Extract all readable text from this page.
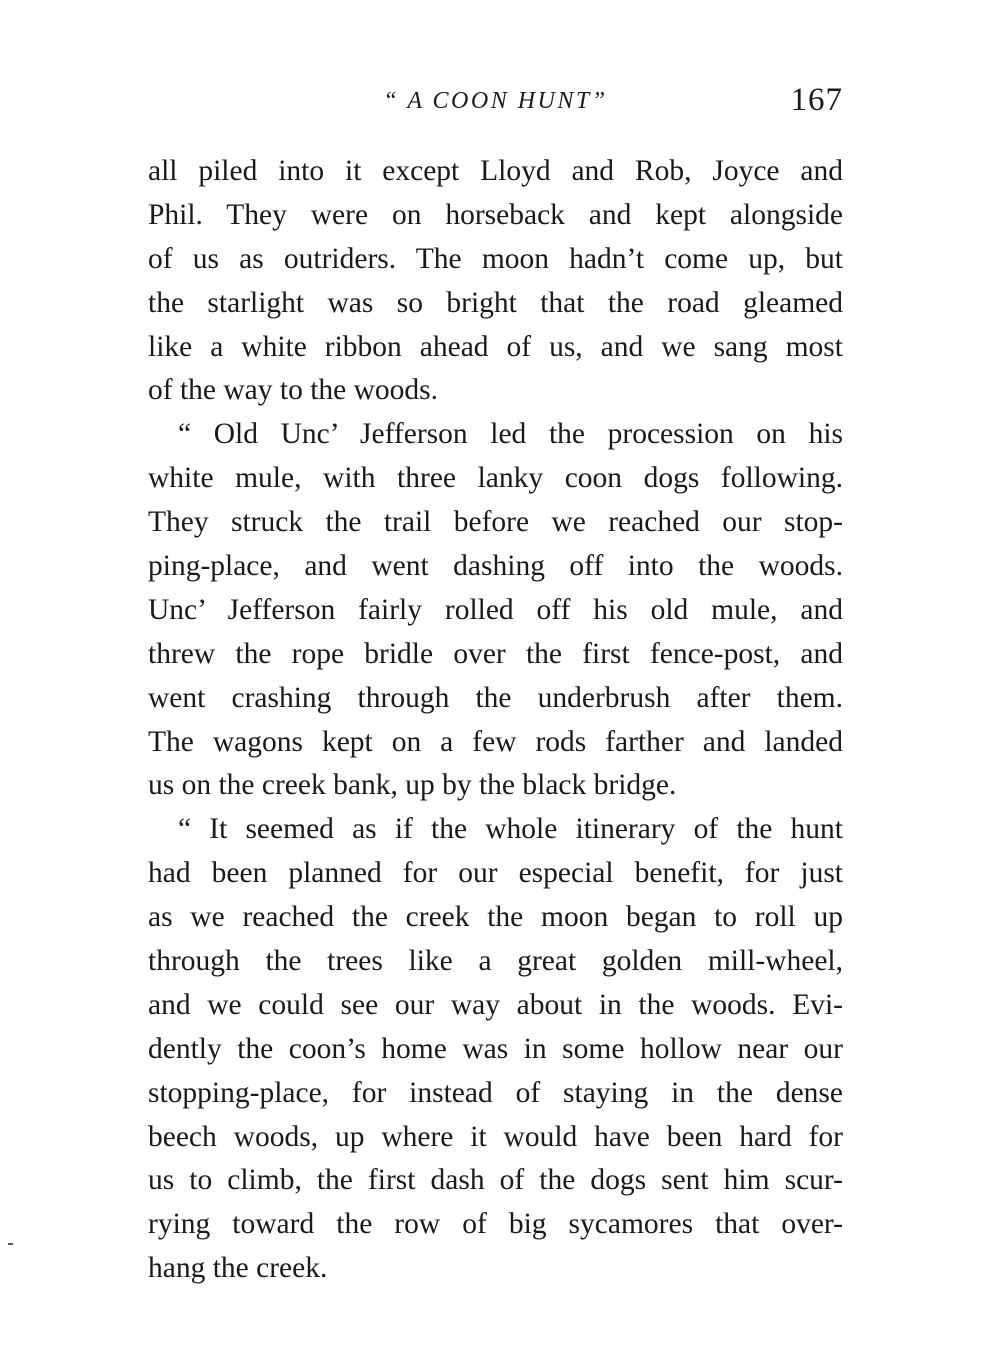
“ A COON HUNT”	167
all piled into it except Lloyd and Rob, Joyce and
Phil. They were on horseback and kept alongside
of us as outriders. The moon hadn’t come up, but
the starlight was so bright that the road gleamed
like a white ribbon ahead of us, and we sang most
of the way to the woods.
“ Old Unc’ Jefferson led the procession on his
white mule, with three lanky coon dogs following.
They struck the trail before we reached our stop-
ping-place, and went dashing off into the woods.
Unc’ Jefferson fairly rolled off his old mule, and
threw the rope bridle over the first fence-post, and
went crashing through the underbrush after them.
The wagons kept on a few rods farther and landed
us on the creek bank, up by the black bridge.
“ It seemed as if the whole itinerary of the hunt
had been planned for our especial benefit, for just
as we reached the creek the moon began to roll up
through the trees like a great golden mill-wheel,
and we could see our way about in the woods. Evi-
dently the coon’s home was in some hollow near our
stopping-place, for instead of staying in the dense
beech woods, up where it would have been hard for
us to climb, the first dash of the dogs sent him scur-
rying toward the row of big sycamores that over-
hang the creek.
